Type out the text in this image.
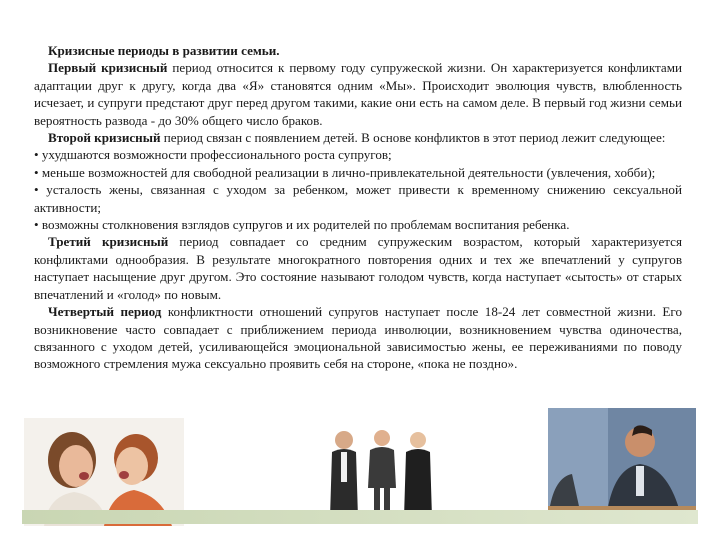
Кризисные периоды в развитии семьи.

Первый кризисный период относится к первому году супружеской жизни. Он характеризуется конфликтами адаптации друг к другу, когда два «Я» становятся одним «Мы». Происходит эволюция чувств, влюбленность исчезает, и супруги предстают друг перед другом такими, какие они есть на самом деле. В первый год жизни семьи вероятность развода - до 30% общего число браков.

Второй кризисный период связан с появлением детей. В основе конфликтов в этот период лежит следующее:

• ухудшаются возможности профессионального роста супругов;

• меньше возможностей для свободной реализации в лично-привлекательной деятельности (увлечения, хобби);

• усталость жены, связанная с уходом за ребенком, может привести к временному снижению сексуальной активности;

• возможны столкновения взглядов супругов и их родителей по проблемам воспитания ребенка.

Третий кризисный период совпадает со средним супружеским возрастом, который характеризуется конфликтами однообразия. В результате многократного повторения одних и тех же впечатлений у супругов наступает насыщение друг другом. Это состояние называют голодом чувств, когда наступает «сытость» от старых впечатлений и «голод» по новым.

Четвертый период конфликтности отношений супругов наступает после 18-24 лет совместной жизни. Его возникновение часто совпадает с приближением периода инволюции, возникновением чувства одиночества, связанного с уходом детей, усиливающейся эмоциональной зависимостью жены, ее переживаниями по поводу возможного стремления мужа сексуально проявить себя на стороне, «пока не поздно».
